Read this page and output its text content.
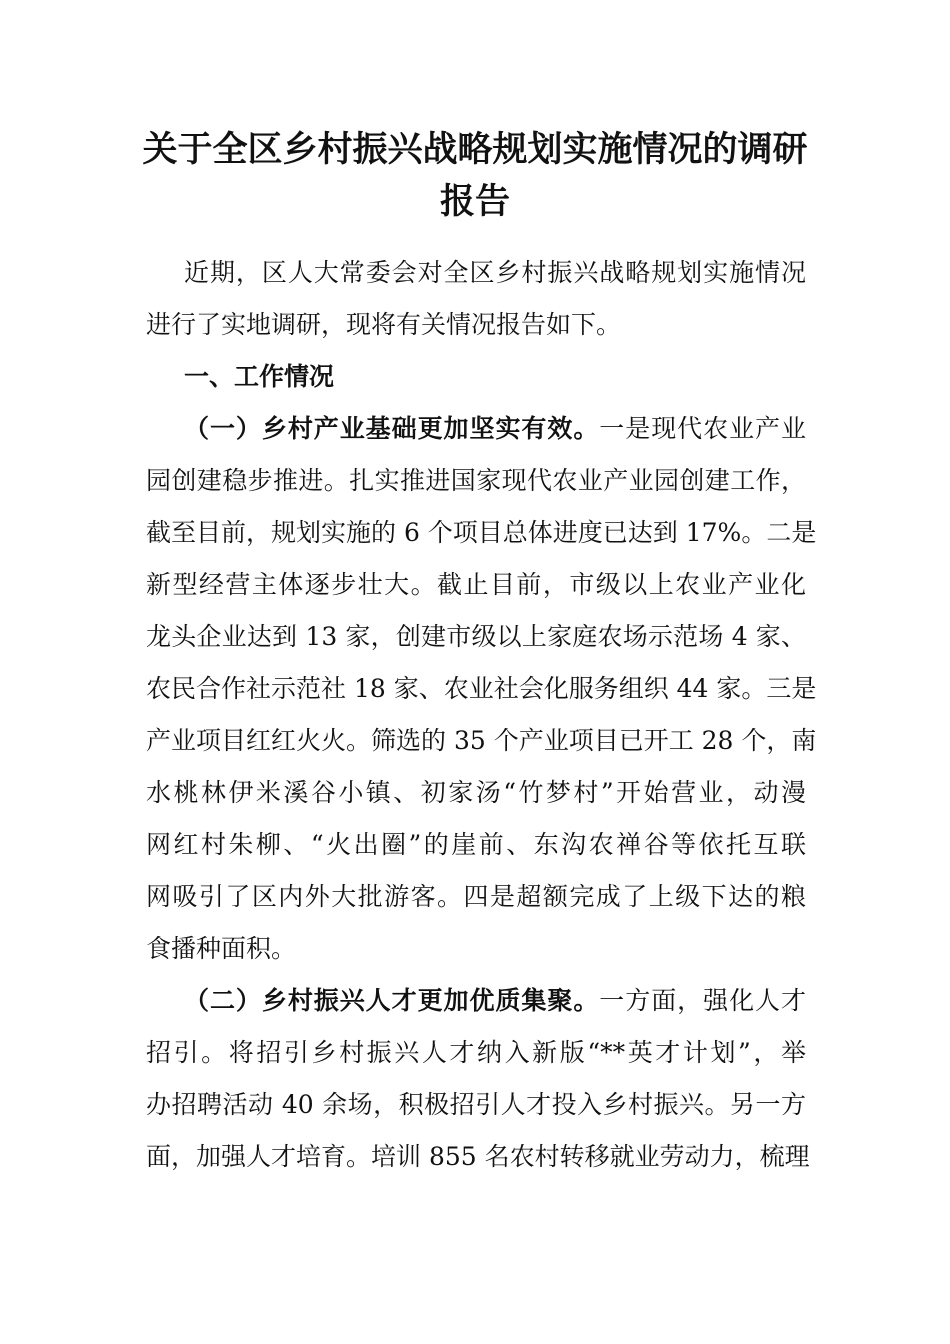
关于全区乡村振兴战略规划实施情况的调研报告

近期，区人大常委会对全区乡村振兴战略规划实施情况

进行了实地调研，现将有关情况报告如下。

一、工作情况

（一）乡村产业基础更加坚实有效。一是现代农业产业

园创建稳步推进。扎实推进国家现代农业产业园创建工作，

截至目前，规划实施的 6 个项目总体进度已达到 17%。二是

新型经营主体逐步壮大。截止目前，市级以上农业产业化

龙头企业达到 13 家，创建市级以上家庭农场示范场 4 家、

农民合作社示范社 18 家、农业社会化服务组织 44 家。三是

产业项目红红火火。筛选的 35 个产业项目已开工 28 个，南

水桃林伊米溪谷小镇、初家汤“竹梦村”开始营业，动漫

网红村朱柳、“火出圈”的崖前、东沟农禅谷等依托互联

网吸引了区内外大批游客。四是超额完成了上级下达的粮

食播种面积。

（二）乡村振兴人才更加优质集聚。一方面，强化人才

招引。将招引乡村振兴人才纳入新版“**英才计划”，举

办招聘活动 40 余场，积极招引人才投入乡村振兴。另一方

面，加强人才培育。培训 855 名农村转移就业劳动力，梳理
